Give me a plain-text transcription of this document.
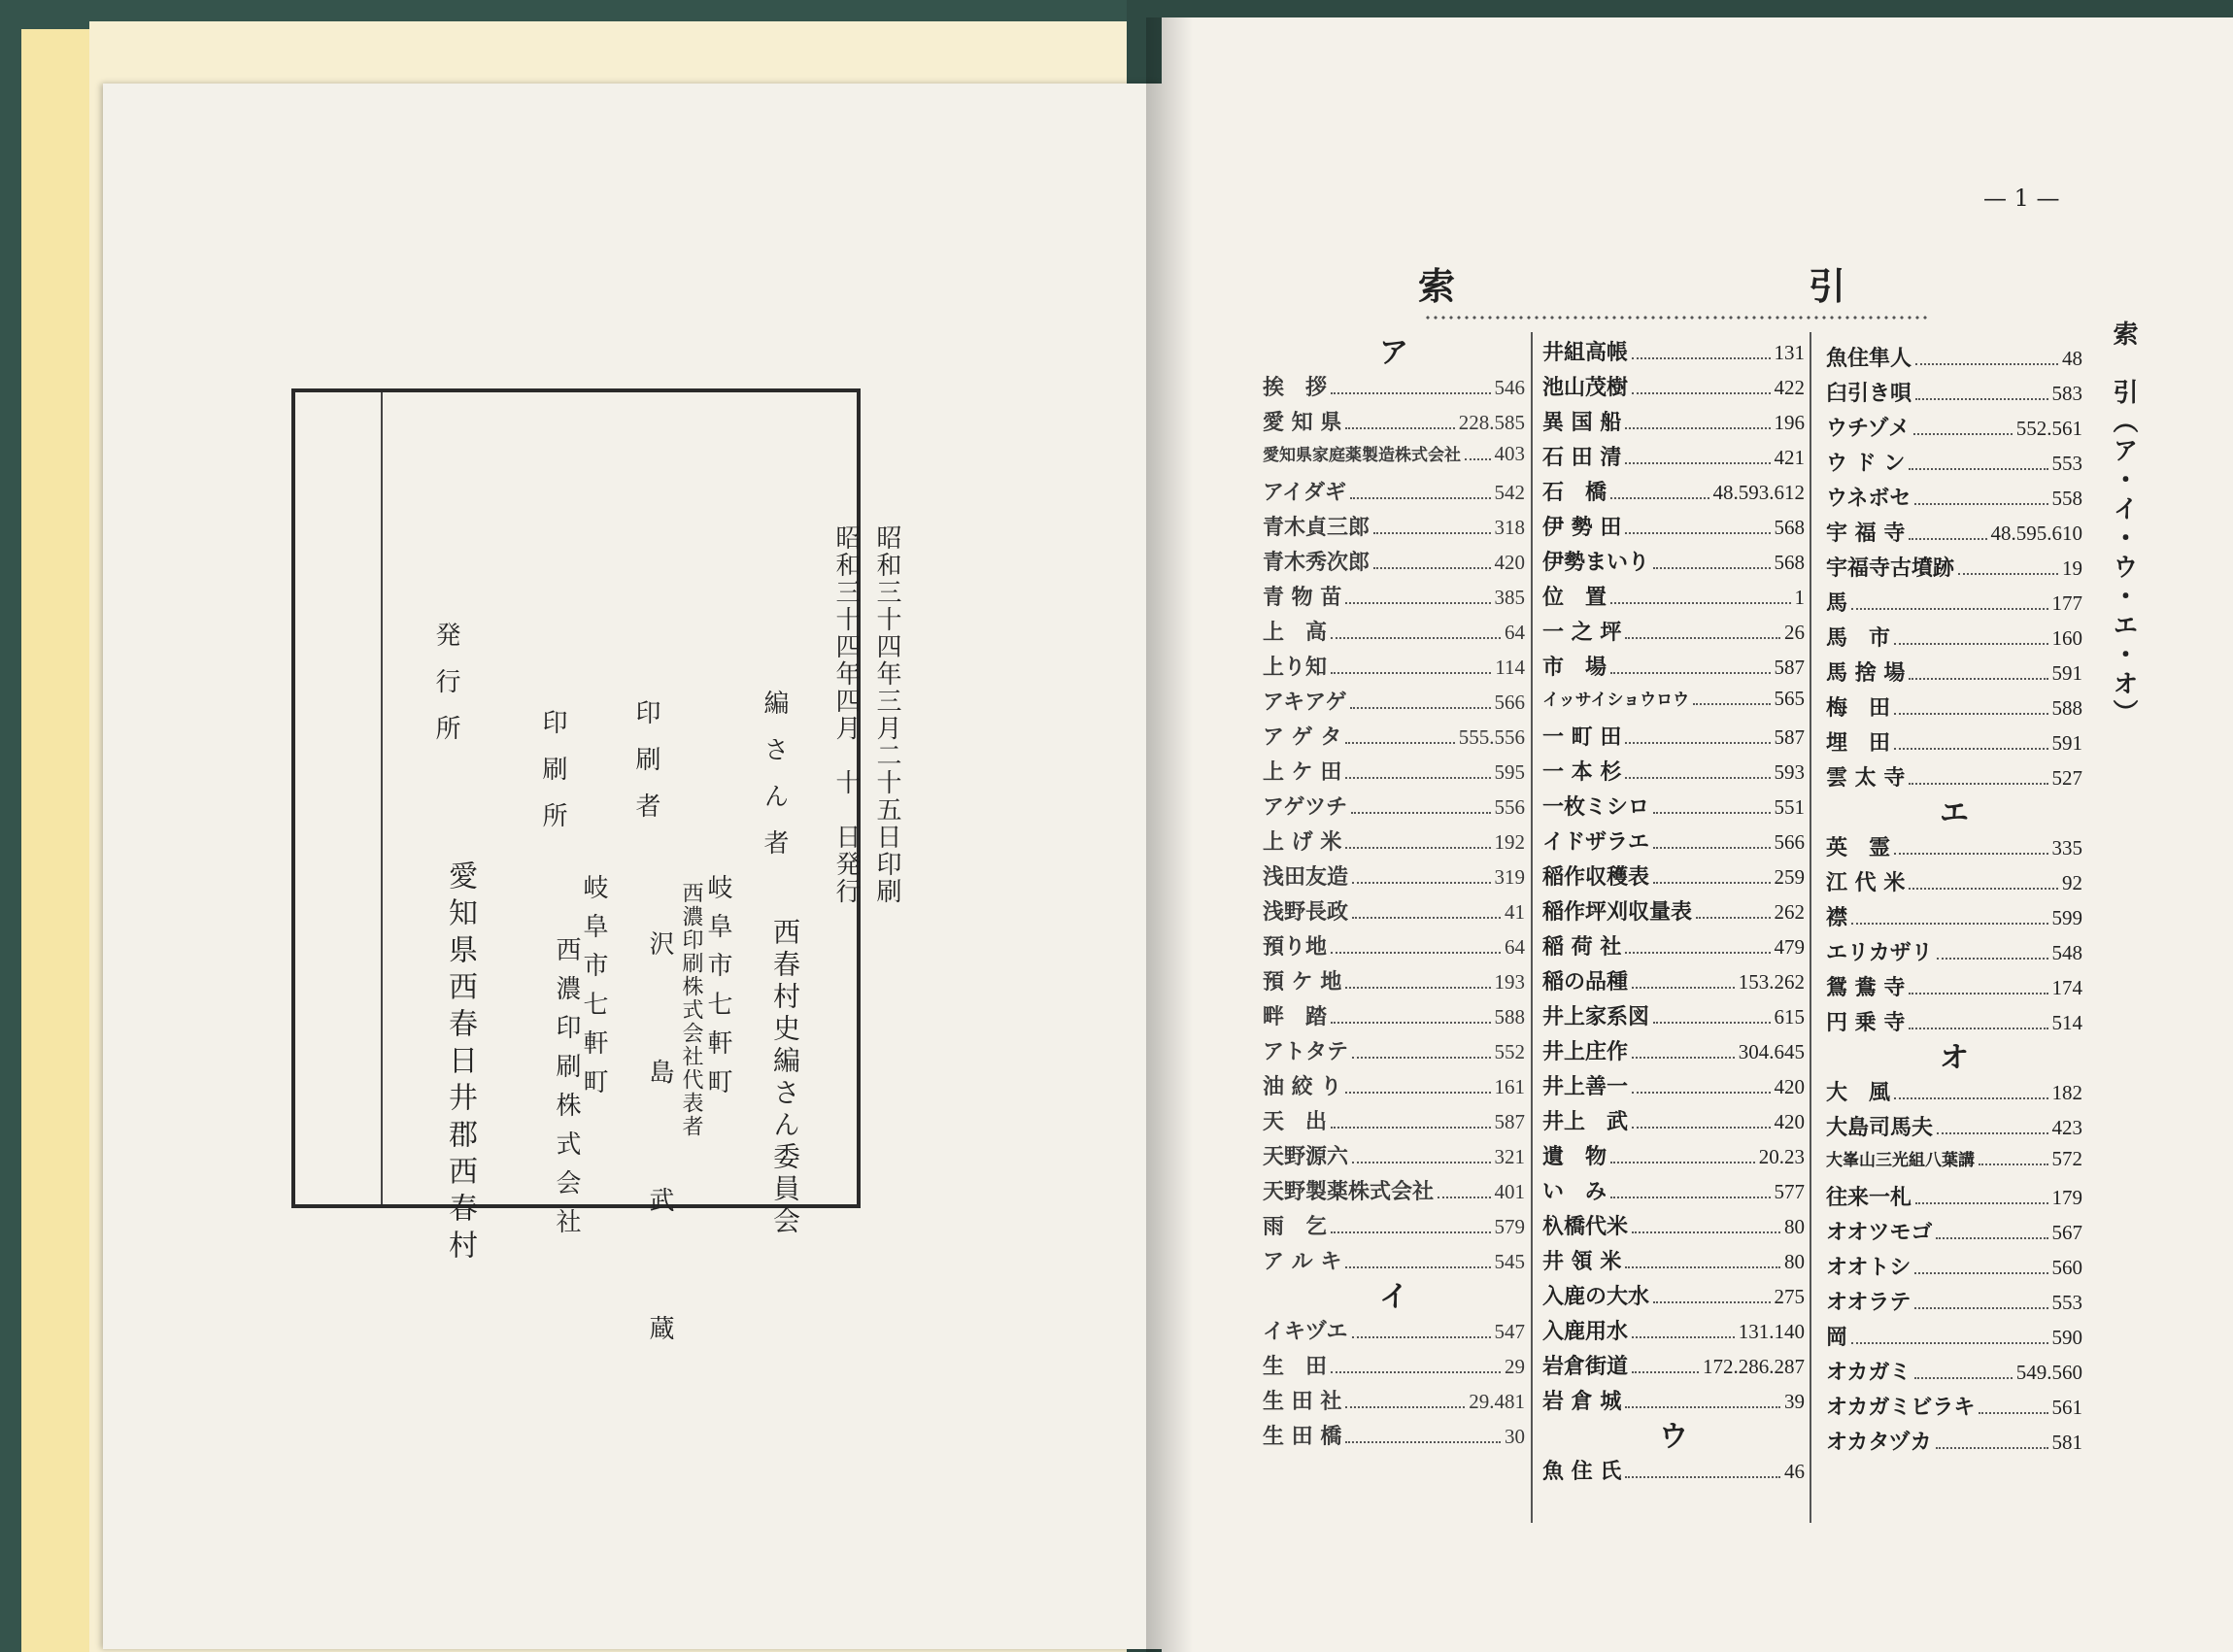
昭和三十四年三月二十五日印刷
昭和三十四年四月　十　日発行
編さん者
西春村史編さん委員会
印刷者
岐阜市七軒町
西濃印刷株式会社代表者
沢　島　武　蔵
印刷所
岐阜市七軒町
西濃印刷株式会社
発行所
愛知県西春日井郡西春村
— 1 —
索	引
索　引（ア・イ・ウ・エ・オ）
ア
挨　拶	546
愛 知 県	228.585
愛知県家庭薬製造株式会社 403
アイダギ	542
青木貞三郎	318
青木秀次郎	420
青 物 苗	385
上　高	64
上り知	114
アキアゲ	566
ア ゲ タ	555.556
上 ケ 田	595
アゲツチ	556
上 げ 米	192
浅田友造	319
浅野長政	41
預り地	64
預 ケ 地	193
畔　踏	588
アトタテ	552
油 絞 り	161
天　出	587
天野源六	321
天野製薬株式会社	401
雨　乞	579
ア ル キ	545
イ
イキヅエ	547
生　田	29
生 田 社	29.481
生 田 橋	30
井組高帳	131
池山茂樹	422
異 国 船	196
石 田 清	421
石　橋	48.593.612
伊 勢 田	568
伊勢まいり	568
位　置	1
一 之 坪	26
市　場	587
イッサイショウロウ	565
一 町 田	587
一 本 杉	593
一枚ミシロ	551
イドザラエ	566
稲作収穫表	259
稲作坪刈収量表	262
稲 荷 社	479
稲の品種	153.262
井上家系図	615
井上庄作	304.645
井上善一	420
井上　武	420
遺　物	20.23
い　み	577
杁橋代米	80
井 領 米	80
入鹿の大水	275
入鹿用水	131.140
岩倉街道	172.286.287
岩 倉 城	39
ウ
魚 住 氏	46
魚住隼人	48
臼引き唄	583
ウチゾメ	552.561
ウ ド ン	553
ウネボセ	558
宇 福 寺	48.595.610
宇福寺古墳跡	19
馬	177
馬　市	160
馬 捨 場	591
梅　田	588
埋　田	591
雲 太 寺	527
エ
英　霊	335
江 代 米	92
襟	599
エリカザリ	548
鴛 鴦 寺	174
円 乗 寺	514
オ
大　風	182
大島司馬夫	423
大峯山三光組八葉講	572
往来一札	179
オオツモゴ	567
オオトシ	560
オオラテ	553
岡	590
オカガミ	549.560
オカガミビラキ	561
オカタヅカ	581
